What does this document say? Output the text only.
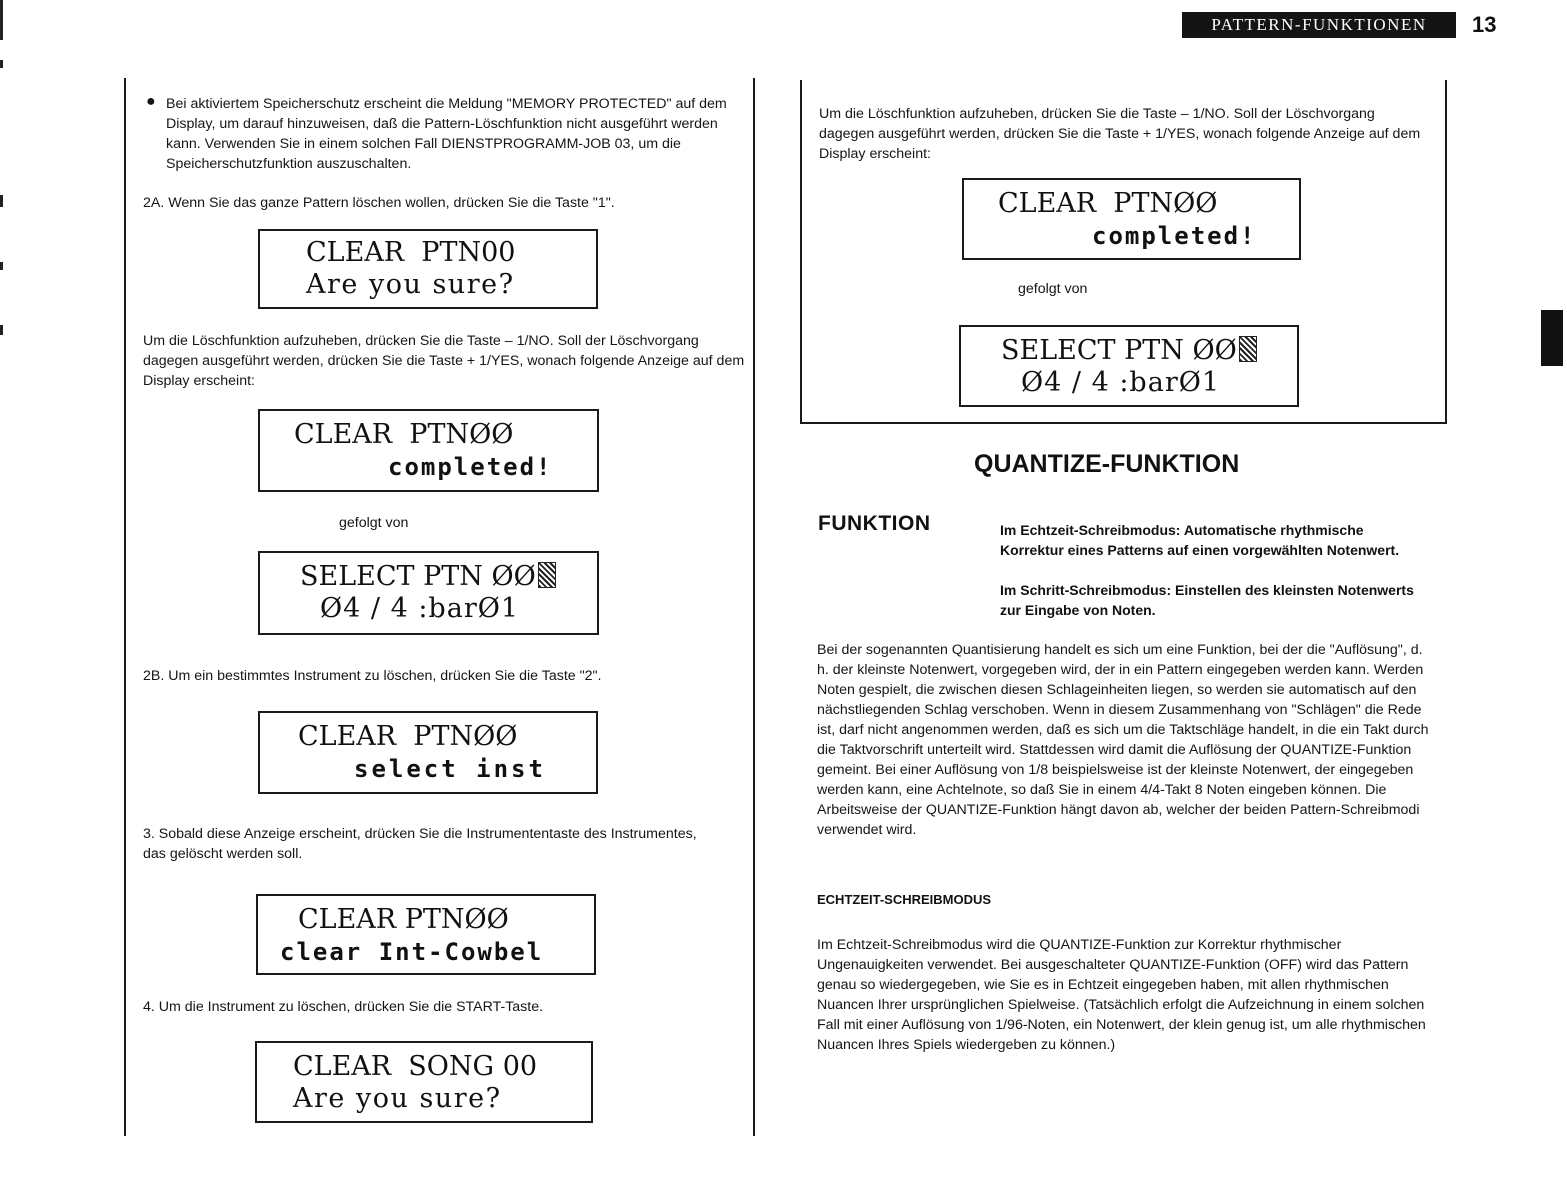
PATTERN-FUNKTIONEN	13
● Bei aktiviertem Speicherschutz erscheint die Meldung "MEMORY PROTECTED" auf dem Display, um darauf hinzuweisen, daß die Pattern-Löschfunktion nicht ausgeführt werden kann. Verwenden Sie in einem solchen Fall DIENSTPROGRAMM-JOB 03, um die Speicherschutzfunktion auszuschalten.
2A. Wenn Sie das ganze Pattern löschen wollen, drücken Sie die Taste "1".
CLEAR  PTN00
Are you sure?
Um die Löschfunktion aufzuheben, drücken Sie die Taste – 1/NO. Soll der Löschvorgang dagegen ausgeführt werden, drücken Sie die Taste + 1/YES, wonach folgende Anzeige auf dem Display erscheint:
CLEAR  PTNØØ
completed!
gefolgt von
SELECT PTN ØØ
Ø4 / 4 :barØ1
2B. Um ein bestimmtes Instrument zu löschen, drücken Sie die Taste "2".
CLEAR  PTNØØ
select inst
3. Sobald diese Anzeige erscheint, drücken Sie die Instrumententaste des Instrumentes, das gelöscht werden soll.
CLEAR PTNØØ
clear Int-Cowbel
4. Um die Instrument zu löschen, drücken Sie die START-Taste.
CLEAR  SONG 00
Are you sure?
Um die Löschfunktion aufzuheben, drücken Sie die Taste – 1/NO. Soll der Löschvorgang dagegen ausgeführt werden, drücken Sie die Taste + 1/YES, wonach folgende Anzeige auf dem Display erscheint:
CLEAR  PTNØØ
completed!
gefolgt von
SELECT PTN ØØ
Ø4 / 4 :barØ1
QUANTIZE-FUNKTION
FUNKTION	Im Echtzeit-Schreibmodus: Automatische rhythmische Korrektur eines Patterns auf einen vorgewählten Notenwert.
Im Schritt-Schreibmodus: Einstellen des kleinsten Notenwerts zur Eingabe von Noten.
Bei der sogenannten Quantisierung handelt es sich um eine Funktion, bei der die "Auflösung", d. h. der kleinste Notenwert, vorgegeben wird, der in ein Pattern eingegeben werden kann. Werden Noten gespielt, die zwischen diesen Schlageinheiten liegen, so werden sie automatisch auf den nächstliegenden Schlag verschoben. Wenn in diesem Zusammenhang von "Schlägen" die Rede ist, darf nicht angenommen werden, daß es sich um die Taktschläge handelt, in die ein Takt durch die Taktvorschrift unterteilt wird. Stattdessen wird damit die Auflösung der QUANTIZE-Funktion gemeint. Bei einer Auflösung von 1/8 beispielsweise ist der kleinste Notenwert, der eingegeben werden kann, eine Achtelnote, so daß Sie in einem 4/4-Takt 8 Noten eingeben können. Die Arbeitsweise der QUANTIZE-Funktion hängt davon ab, welcher der beiden Pattern-Schreibmodi verwendet wird.
ECHTZEIT-SCHREIBMODUS
Im Echtzeit-Schreibmodus wird die QUANTIZE-Funktion zur Korrektur rhythmischer Ungenauigkeiten verwendet. Bei ausgeschalteter QUANTIZE-Funktion (OFF) wird das Pattern genau so wiedergegeben, wie Sie es in Echtzeit eingegeben haben, mit allen rhythmischen Nuancen Ihrer ursprünglichen Spielweise. (Tatsächlich erfolgt die Aufzeichnung in einem solchen Fall mit einer Auflösung von 1/96-Noten, ein Notenwert, der klein genug ist, um alle rhythmischen Nuancen Ihres Spiels wiedergeben zu können.)
